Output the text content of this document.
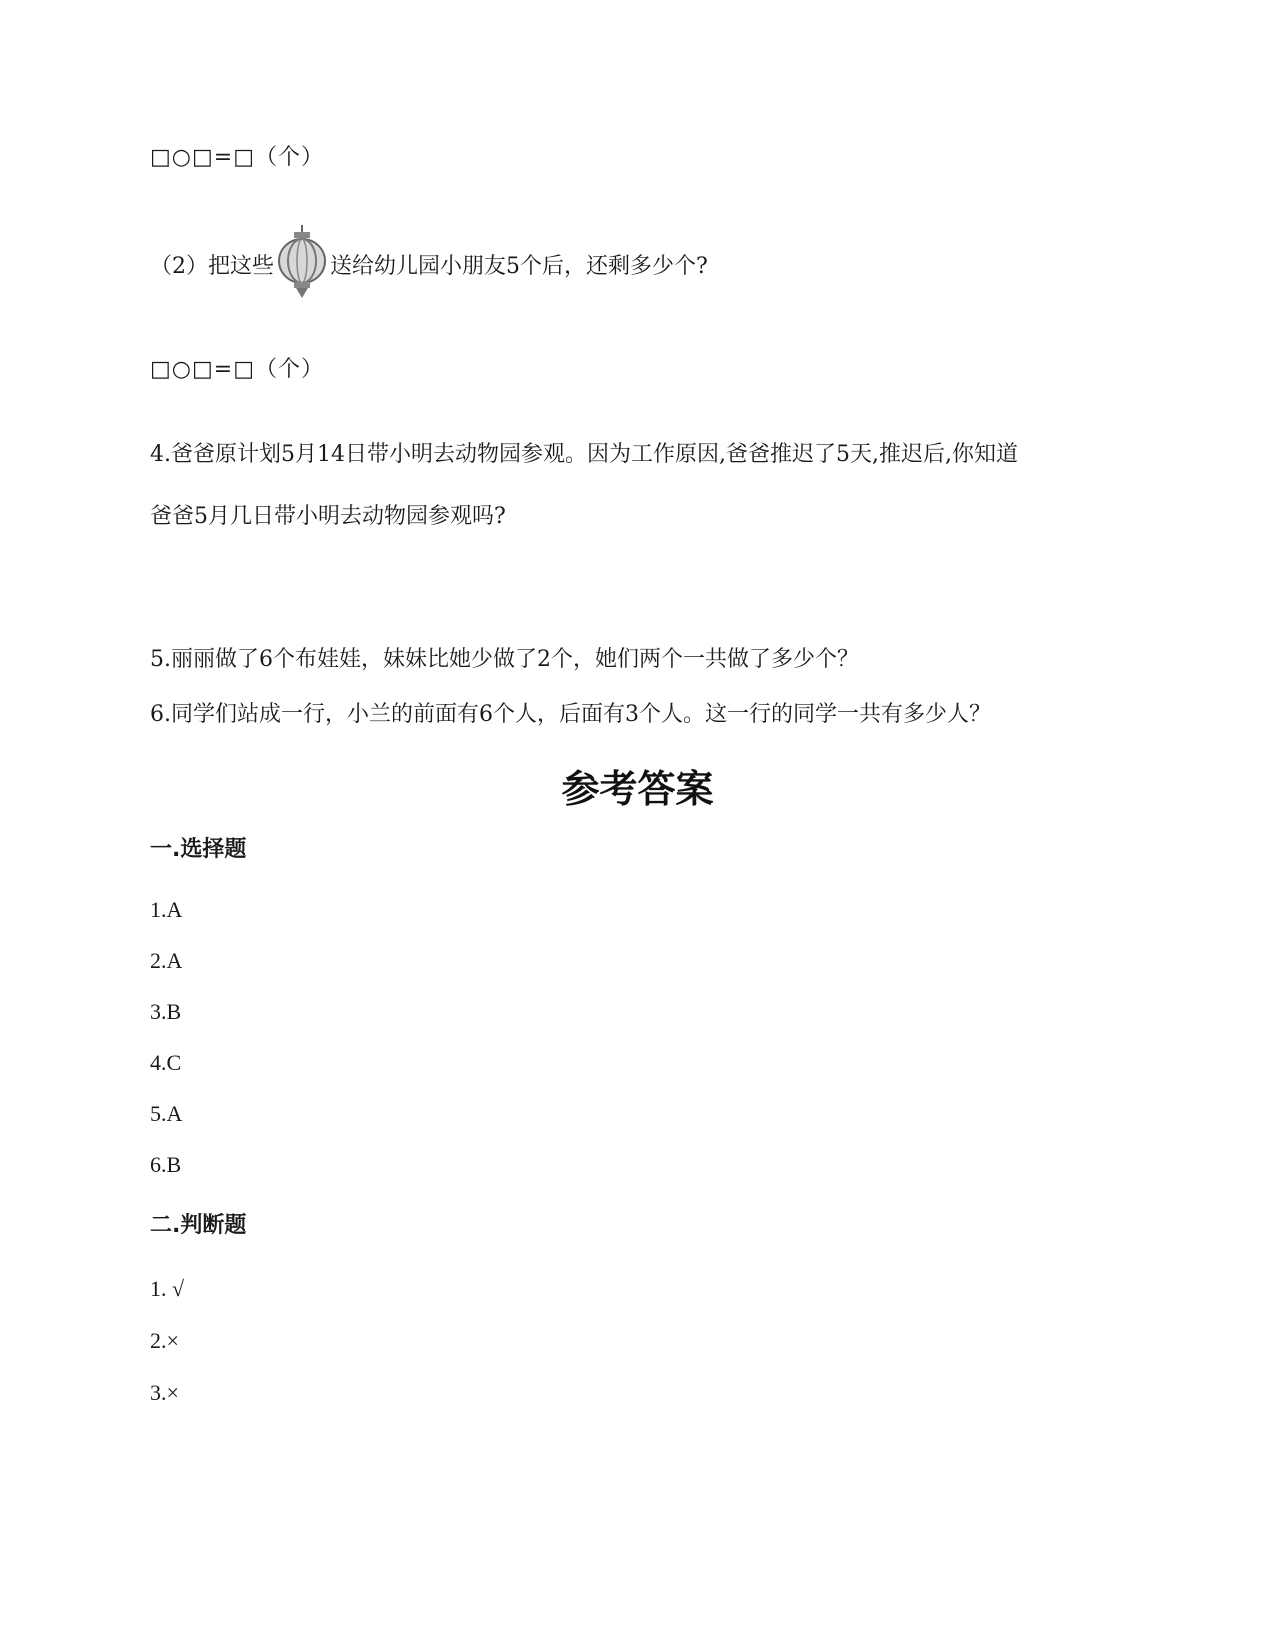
□○□=□（个）
（2）把这些	送给幼儿园小朋友5个后，还剩多少个?
□○□=□（个）
4.爸爸原计划5月14日带小明去动物园参观。因为工作原因,爸爸推迟了5天,推迟后,你知道
爸爸5月几日带小明去动物园参观吗?
5.丽丽做了6个布娃娃，妹妹比她少做了2个，她们两个一共做了多少个？
6.同学们站成一行，小兰的前面有6个人，后面有3个人。这一行的同学一共有多少人？
参考答案
一.选择题
1.A
2.A
3.B
4.C
5.A
6.B
二.判断题
1. √
2.×
3.×
